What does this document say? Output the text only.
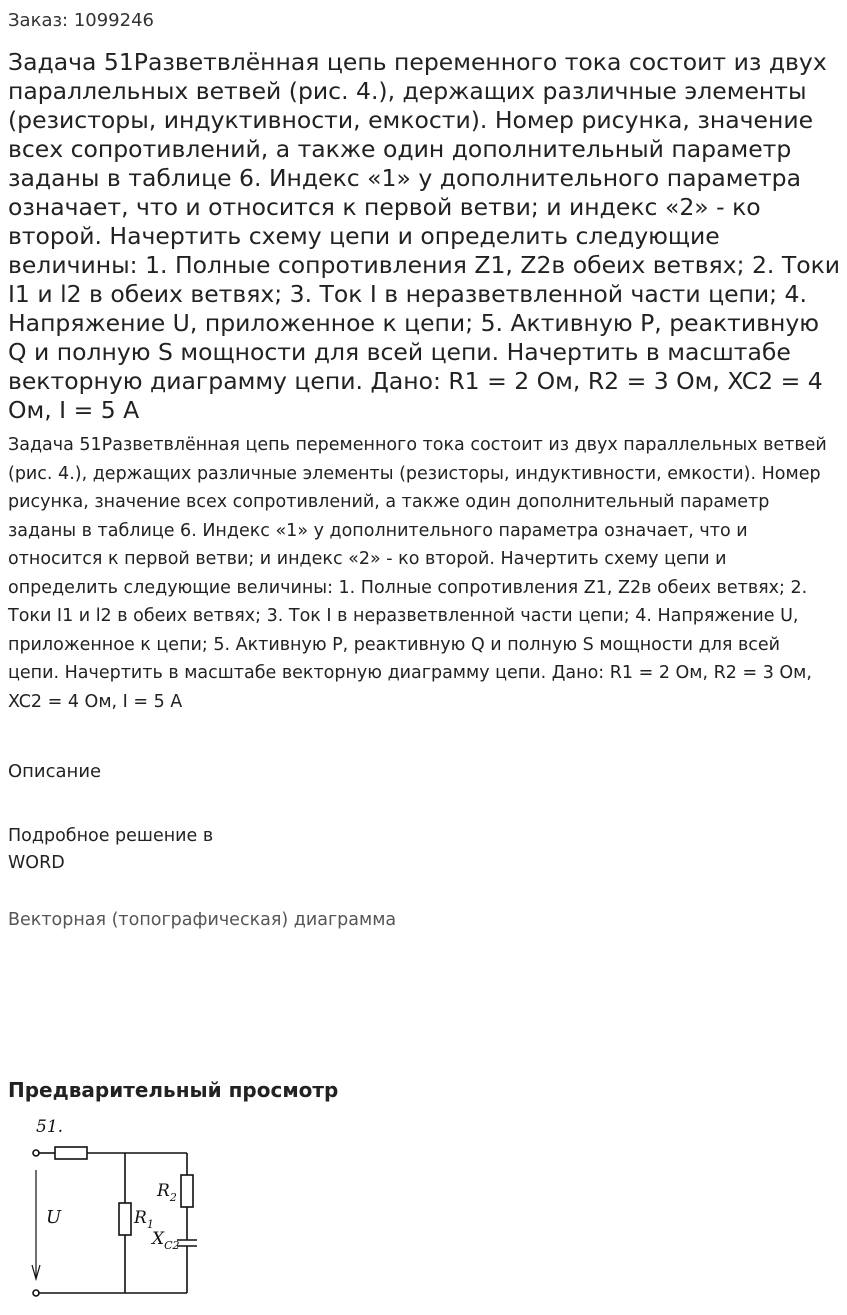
Заказ: 1099246
Задача 51Разветвлённая цепь переменного тока состоит из двух параллельных ветвей (рис. 4.), держащих различные элементы (резисторы, индуктивности, емкости). Номер рисунка, значение всех сопротивлений, а также один дополнительный параметр заданы в таблице 6. Индекс «1» у дополнительного параметра означает, что и относится к первой ветви; и индекс «2» - ко второй. Начертить схему цепи и определить следующие величины: 1. Полные сопротивления Z1, Z2в обеих ветвях; 2. Токи I1 и l2 в обеих ветвях; 3. Ток I в неразветвленной части цепи; 4. Напряжение U, приложенное к цепи; 5. Активную P, реактивную Q и полную S мощности для всей цепи. Начертить в масштабе векторную диаграмму цепи. Дано: R1 = 2 Ом, R2 = 3 Ом, XC2 = 4 Ом, I = 5 А

Задача 51Разветвлённая цепь переменного тока состоит из двух параллельных ветвей (рис. 4.), держащих различные элементы (резисторы, индуктивности, емкости). Номер рисунка, значение всех сопротивлений, а также один дополнительный параметр заданы в таблице 6. Индекс «1» у дополнительного параметра означает, что и относится к первой ветви; и индекс «2» - ко второй. Начертить схему цепи и определить следующие величины: 1. Полные сопротивления Z1, Z2в обеих ветвях; 2. Токи I1 и l2 в обеих ветвях; 3. Ток I в неразветвленной части цепи; 4. Напряжение U, приложенное к цепи; 5. Активную P, реактивную Q и полную S мощности для всей цепи. Начертить в масштабе векторную диаграмму цепи. Дано: R1 = 2 Ом, R2 = 3 Ом, XC2 = 4 Ом, I = 5 А

Описание
Подробное решение в WORD
Векторная (топографическая) диаграмма
Предварительный просмотр
51.
U	$R_1$
$R_2$
$X_{C2}$
